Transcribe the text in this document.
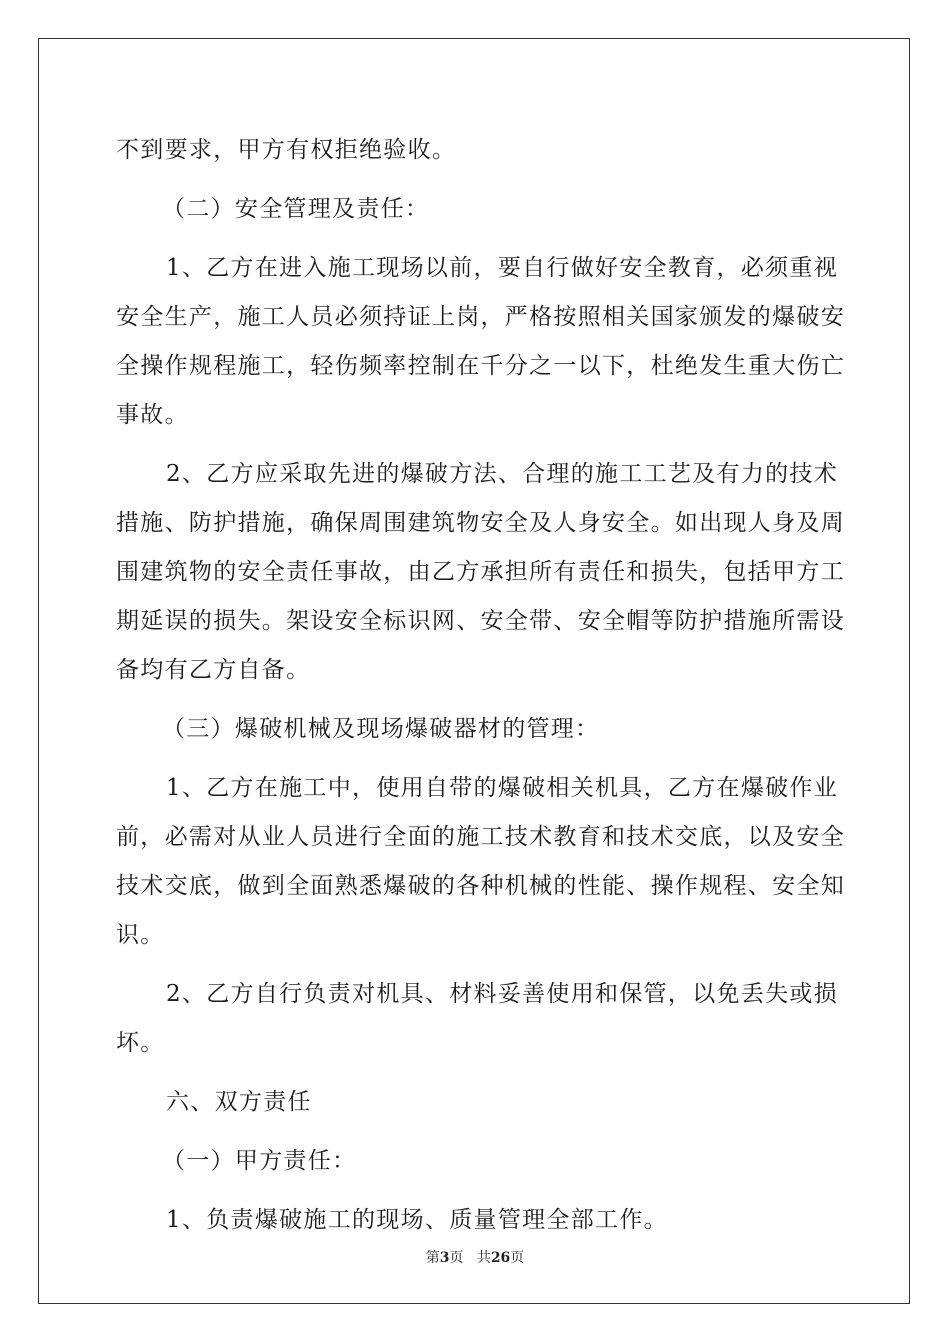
不到要求，甲方有权拒绝验收。
（二）安全管理及责任：
1、乙方在进入施工现场以前，要自行做好安全教育，必须重视
安全生产，施工人员必须持证上岗，严格按照相关国家颁发的爆破安
全操作规程施工，轻伤频率控制在千分之一以下，杜绝发生重大伤亡
事故。
2、乙方应采取先进的爆破方法、合理的施工工艺及有力的技术
措施、防护措施，确保周围建筑物安全及人身安全。如出现人身及周
围建筑物的安全责任事故，由乙方承担所有责任和损失，包括甲方工
期延误的损失。架设安全标识网、安全带、安全帽等防护措施所需设
备均有乙方自备。
（三）爆破机械及现场爆破器材的管理：
1、乙方在施工中，使用自带的爆破相关机具，乙方在爆破作业
前，必需对从业人员进行全面的施工技术教育和技术交底，以及安全
技术交底，做到全面熟悉爆破的各种机械的性能、操作规程、安全知
识。
2、乙方自行负责对机具、材料妥善使用和保管，以免丢失或损
坏。
六、双方责任
（一）甲方责任：
1、负责爆破施工的现场、质量管理全部工作。
第3页 共26页
